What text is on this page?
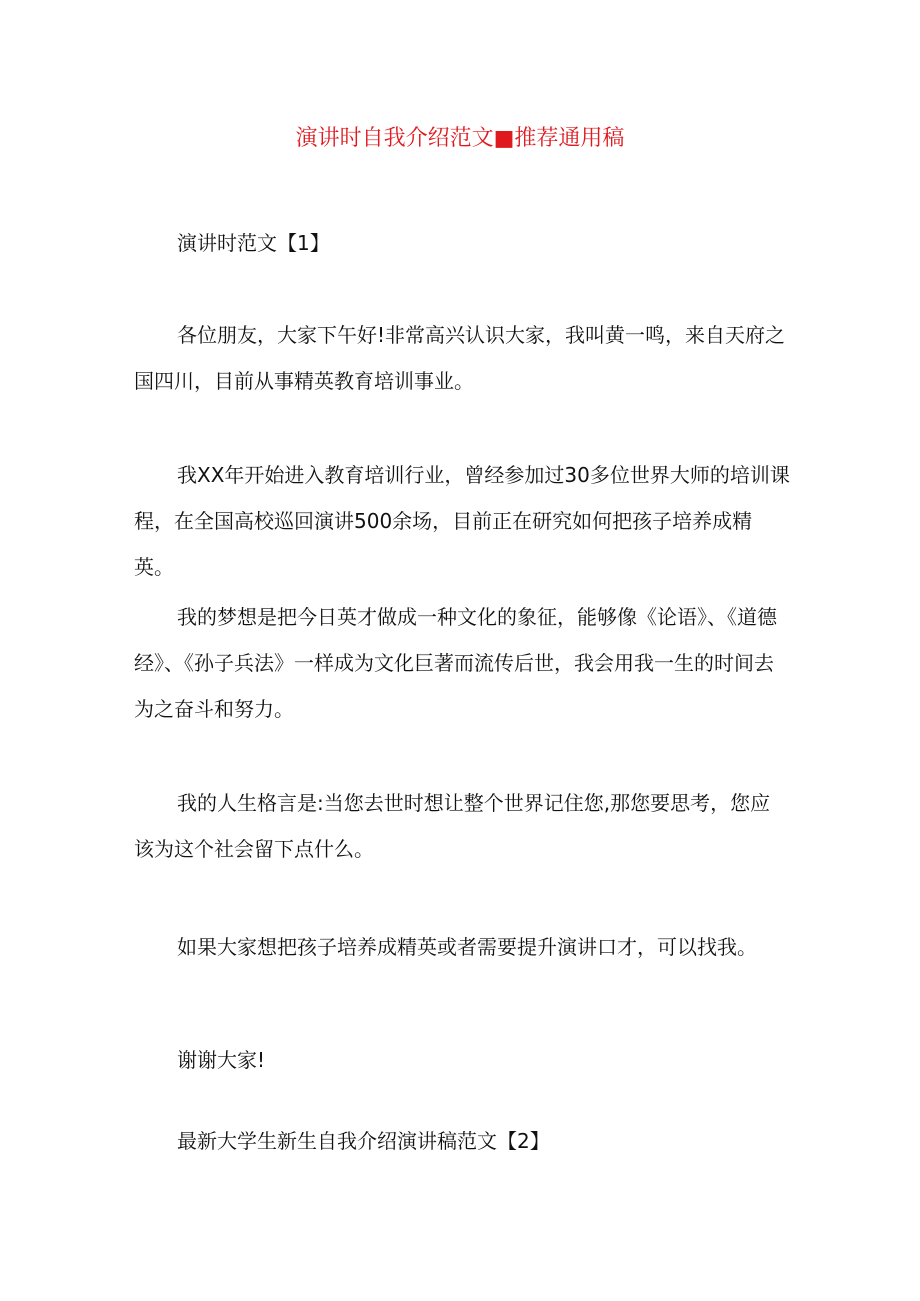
演讲时自我介绍范文■推荐通用稿
演讲时范文【1】
各位朋友，大家下午好!非常高兴认识大家，我叫黄一鸣，来自天府之国四川，目前从事精英教育培训事业。
我XX年开始进入教育培训行业，曾经参加过30多位世界大师的培训课程，在全国高校巡回演讲500余场，目前正在研究如何把孩子培养成精英。
我的梦想是把今日英才做成一种文化的象征，能够像《论语》、《道德经》、《孙子兵法》一样成为文化巨著而流传后世，我会用我一生的时间去为之奋斗和努力。
我的人生格言是:当您去世时想让整个世界记住您,那您要思考，您应该为这个社会留下点什么。
如果大家想把孩子培养成精英或者需要提升演讲口才，可以找我。
谢谢大家!
最新大学生新生自我介绍演讲稿范文【2】
